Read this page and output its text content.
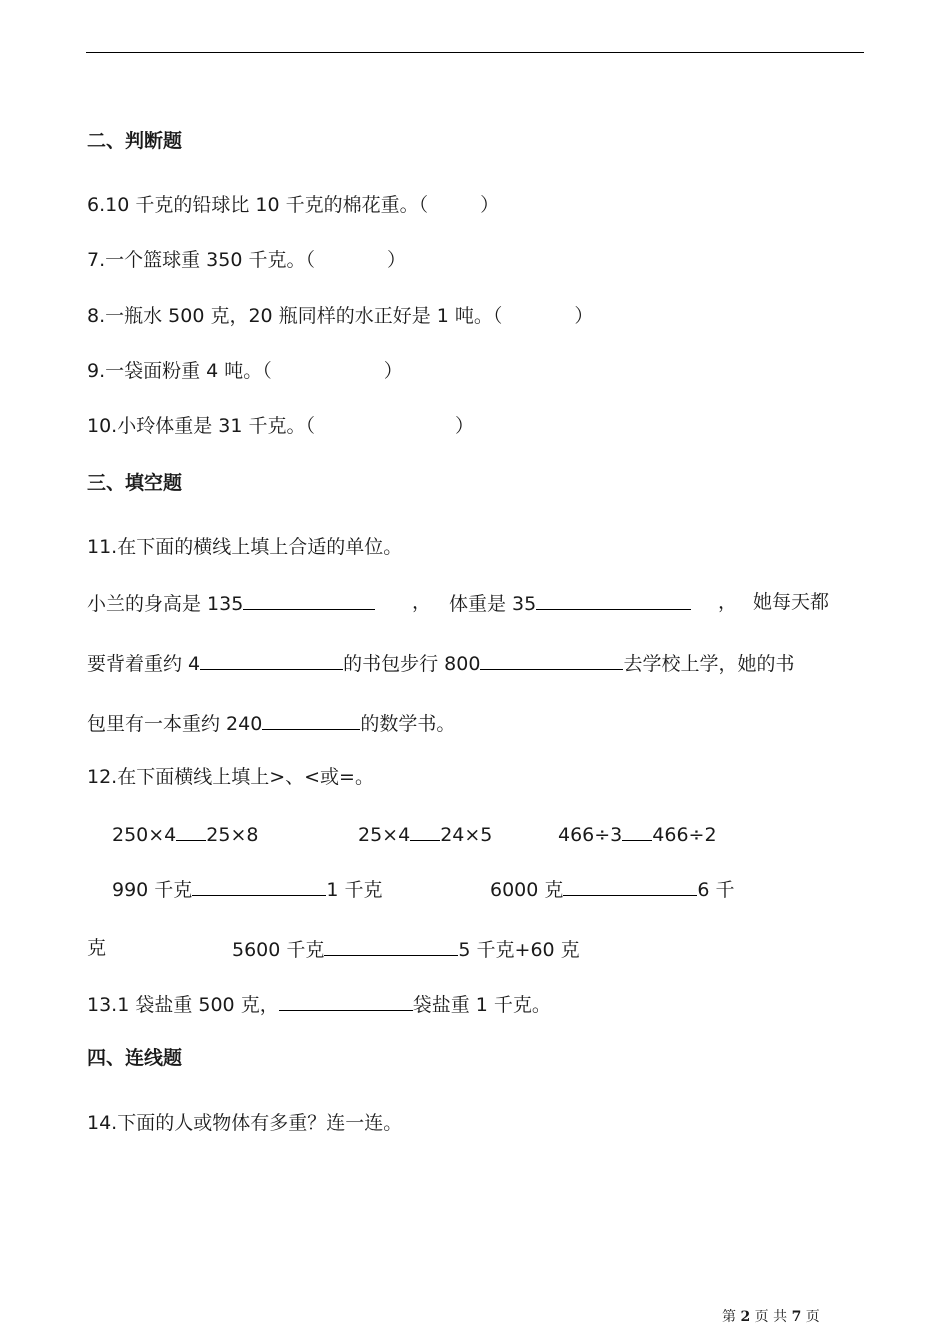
二、判断题
6.10 千克的铅球比 10 千克的棉花重。（	）
7.一个篮球重 350 千克。（	）
8.一瓶水 500 克，20 瓶同样的水正好是 1 吨。（	）
9.一袋面粉重 4 吨。（	）
10.小玲体重是 31 千克。（	）
三、填空题
11.在下面的横线上填上合适的单位。
小兰的身高是 135	， 体重是 35	， 她每天都
要背着重约 4	的书包步行 800	去学校上学，她的书
包里有一本重约 240	的数学书。
12.在下面横线上填上>、<或=。
250×4 25×8	25×4 24×5	466÷3 466÷2
990 千克	1 千克	6000 克	6 千
克	5600 千克	5 千克+60 克
13.1 袋盐重 500 克，	袋盐重 1 千克。
四、连线题
14.下面的人或物体有多重？连一连。
第 2 页 共 7 页
